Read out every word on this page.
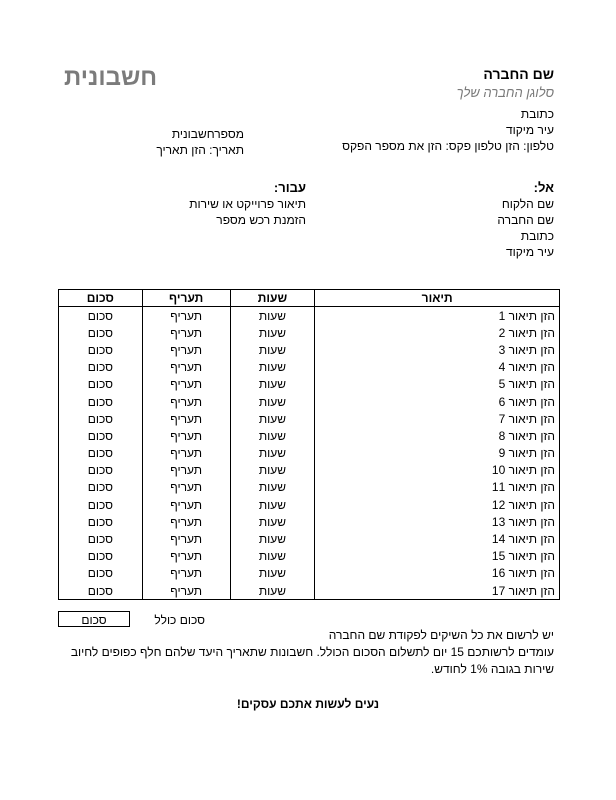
שם החברה
סלוגן החברה שלך
חשבונית
כתובת
עיר מיקוד
טלפון: הזן טלפון פקס: הזן את מספר הפקס
מספרחשבונית
תאריך: הזן תאריך
אל:
שם הלקוח
שם החברה
כתובת
עיר מיקוד
עבור:
תיאור פרוייקט או שירות
הזמנת רכש מספר
תיאור	שעות	תעריף	סכום
הזן תיאור 1	שעות	תעריף	סכום
הזן תיאור 2	שעות	תעריף	סכום
הזן תיאור 3	שעות	תעריף	סכום
הזן תיאור 4	שעות	תעריף	סכום
הזן תיאור 5	שעות	תעריף	סכום
הזן תיאור 6	שעות	תעריף	סכום
הזן תיאור 7	שעות	תעריף	סכום
הזן תיאור 8	שעות	תעריף	סכום
הזן תיאור 9	שעות	תעריף	סכום
הזן תיאור 10	שעות	תעריף	סכום
הזן תיאור 11	שעות	תעריף	סכום
הזן תיאור 12	שעות	תעריף	סכום
הזן תיאור 13	שעות	תעריף	סכום
הזן תיאור 14	שעות	תעריף	סכום
הזן תיאור 15	שעות	תעריף	סכום
הזן תיאור 16	שעות	תעריף	סכום
הזן תיאור 17	שעות	תעריף	סכום
סכום כולל
סכום
יש לרשום את כל השיקים לפקודת שם החברה
עומדים לרשותכם 15 יום לתשלום הסכום הכולל. חשבונות שתאריך היעד שלהם חלף כפופים לחיוב
שירות בגובה 1% לחודש.
נעים לעשות אתכם עסקים!
